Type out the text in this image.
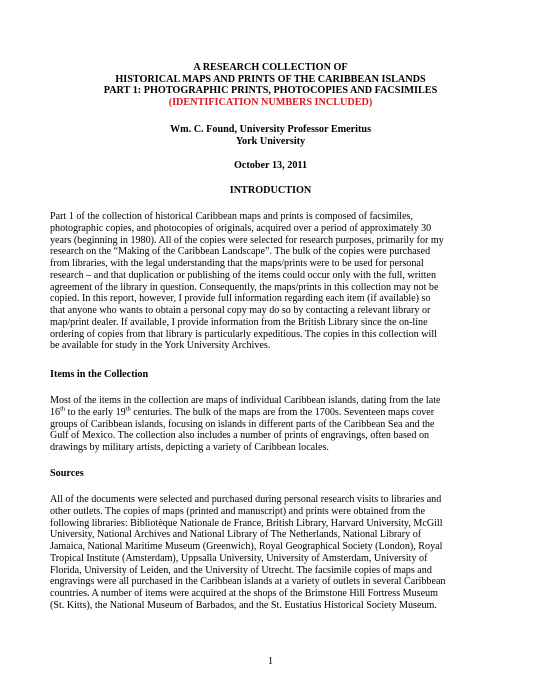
A RESEARCH COLLECTION OF
HISTORICAL MAPS AND PRINTS OF THE CARIBBEAN ISLANDS
PART 1: PHOTOGRAPHIC PRINTS, PHOTOCOPIES AND FACSIMILES
(IDENTIFICATION NUMBERS INCLUDED)
Wm. C. Found, University Professor Emeritus
York University
October 13, 2011
INTRODUCTION

Part 1 of the collection of historical Caribbean maps and prints is composed of facsimiles,
photographic copies, and photocopies of originals, acquired over a period of approximately 30
years (beginning in 1980). All of the copies were selected for research purposes, primarily for my
research on the “Making of the Caribbean Landscape”. The bulk of the copies were purchased
from libraries, with the legal understanding that the maps/prints were to be used for personal
research – and that duplication or publishing of the items could occur only with the full, written
agreement of the library in question. Consequently, the maps/prints in this collection may not be
copied. In this report, however, I provide full information regarding each item (if available) so
that anyone who wants to obtain a personal copy may do so by contacting a relevant library or
map/print dealer. If available, I provide information from the British Library since the on-line
ordering of copies from that library is particularly expeditious. The copies in this collection will
be available for study in the York University Archives.

Items in the Collection

Most of the items in the collection are maps of individual Caribbean islands, dating from the late
16th to the early 19th centuries. The bulk of the maps are from the 1700s. Seventeen maps cover
groups of Caribbean islands, focusing on islands in different parts of the Caribbean Sea and the
Gulf of Mexico. The collection also includes a number of prints of engravings, often based on
drawings by military artists, depicting a variety of Caribbean locales.

Sources

All of the documents were selected and purchased during personal research visits to libraries and
other outlets. The copies of maps (printed and manuscript) and prints were obtained from the
following libraries: Bibliotèque Nationale de France, British Library, Harvard University, McGill
University, National Archives and National Library of The Netherlands, National Library of
Jamaica, National Maritime Museum (Greenwich), Royal Geographical Society (London), Royal
Tropical Institute (Amsterdam), Uppsalla University, University of Amsterdam, University of
Florida, University of Leiden, and the University of Utrecht. The facsimile copies of maps and
engravings were all purchased in the Caribbean islands at a variety of outlets in several Caribbean
countries. A number of items were acquired at the shops of the Brimstone Hill Fortress Museum
(St. Kitts), the National Museum of Barbados, and the St. Eustatius Historical Society Museum.

1
